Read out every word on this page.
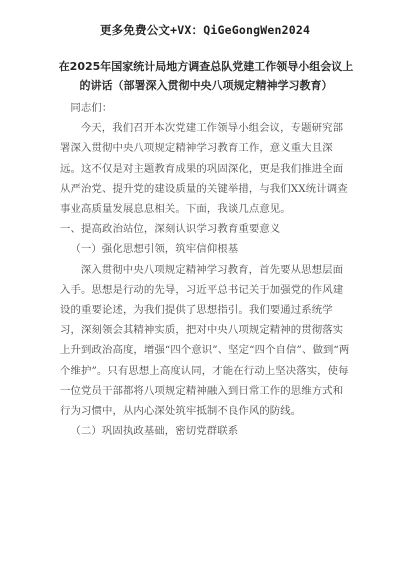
更多免费公文+VX：QiGeGongWen2024
在2025年国家统计局地方调查总队党建工作领导小组会议上的讲话（部署深入贯彻中央八项规定精神学习教育）

同志们：

今天，我们召开本次党建工作领导小组会议，专题研究部署深入贯彻中央八项规定精神学习教育工作，意义重大且深远。这不仅是对主题教育成果的巩固深化，更是我们推进全面从严治党、提升党的建设质量的关键举措，与我们XX统计调查事业高质量发展息息相关。下面，我谈几点意见。

一、提高政治站位，深刻认识学习教育重要意义

（一）强化思想引领，筑牢信仰根基

深入贯彻中央八项规定精神学习教育，首先要从思想层面入手。思想是行动的先导，习近平总书记关于加强党的作风建设的重要论述，为我们提供了思想指引。我们要通过系统学习，深刻领会其精神实质，把对中央八项规定精神的贯彻落实上升到政治高度，增强“四个意识”、坚定“四个自信”、做到“两个维护”。只有思想上高度认同，才能在行动上坚决落实，使每一位党员干部都将八项规定精神融入到日常工作的思维方式和行为习惯中，从内心深处筑牢抵制不良作风的防线。

（二）巩固执政基础，密切党群联系
